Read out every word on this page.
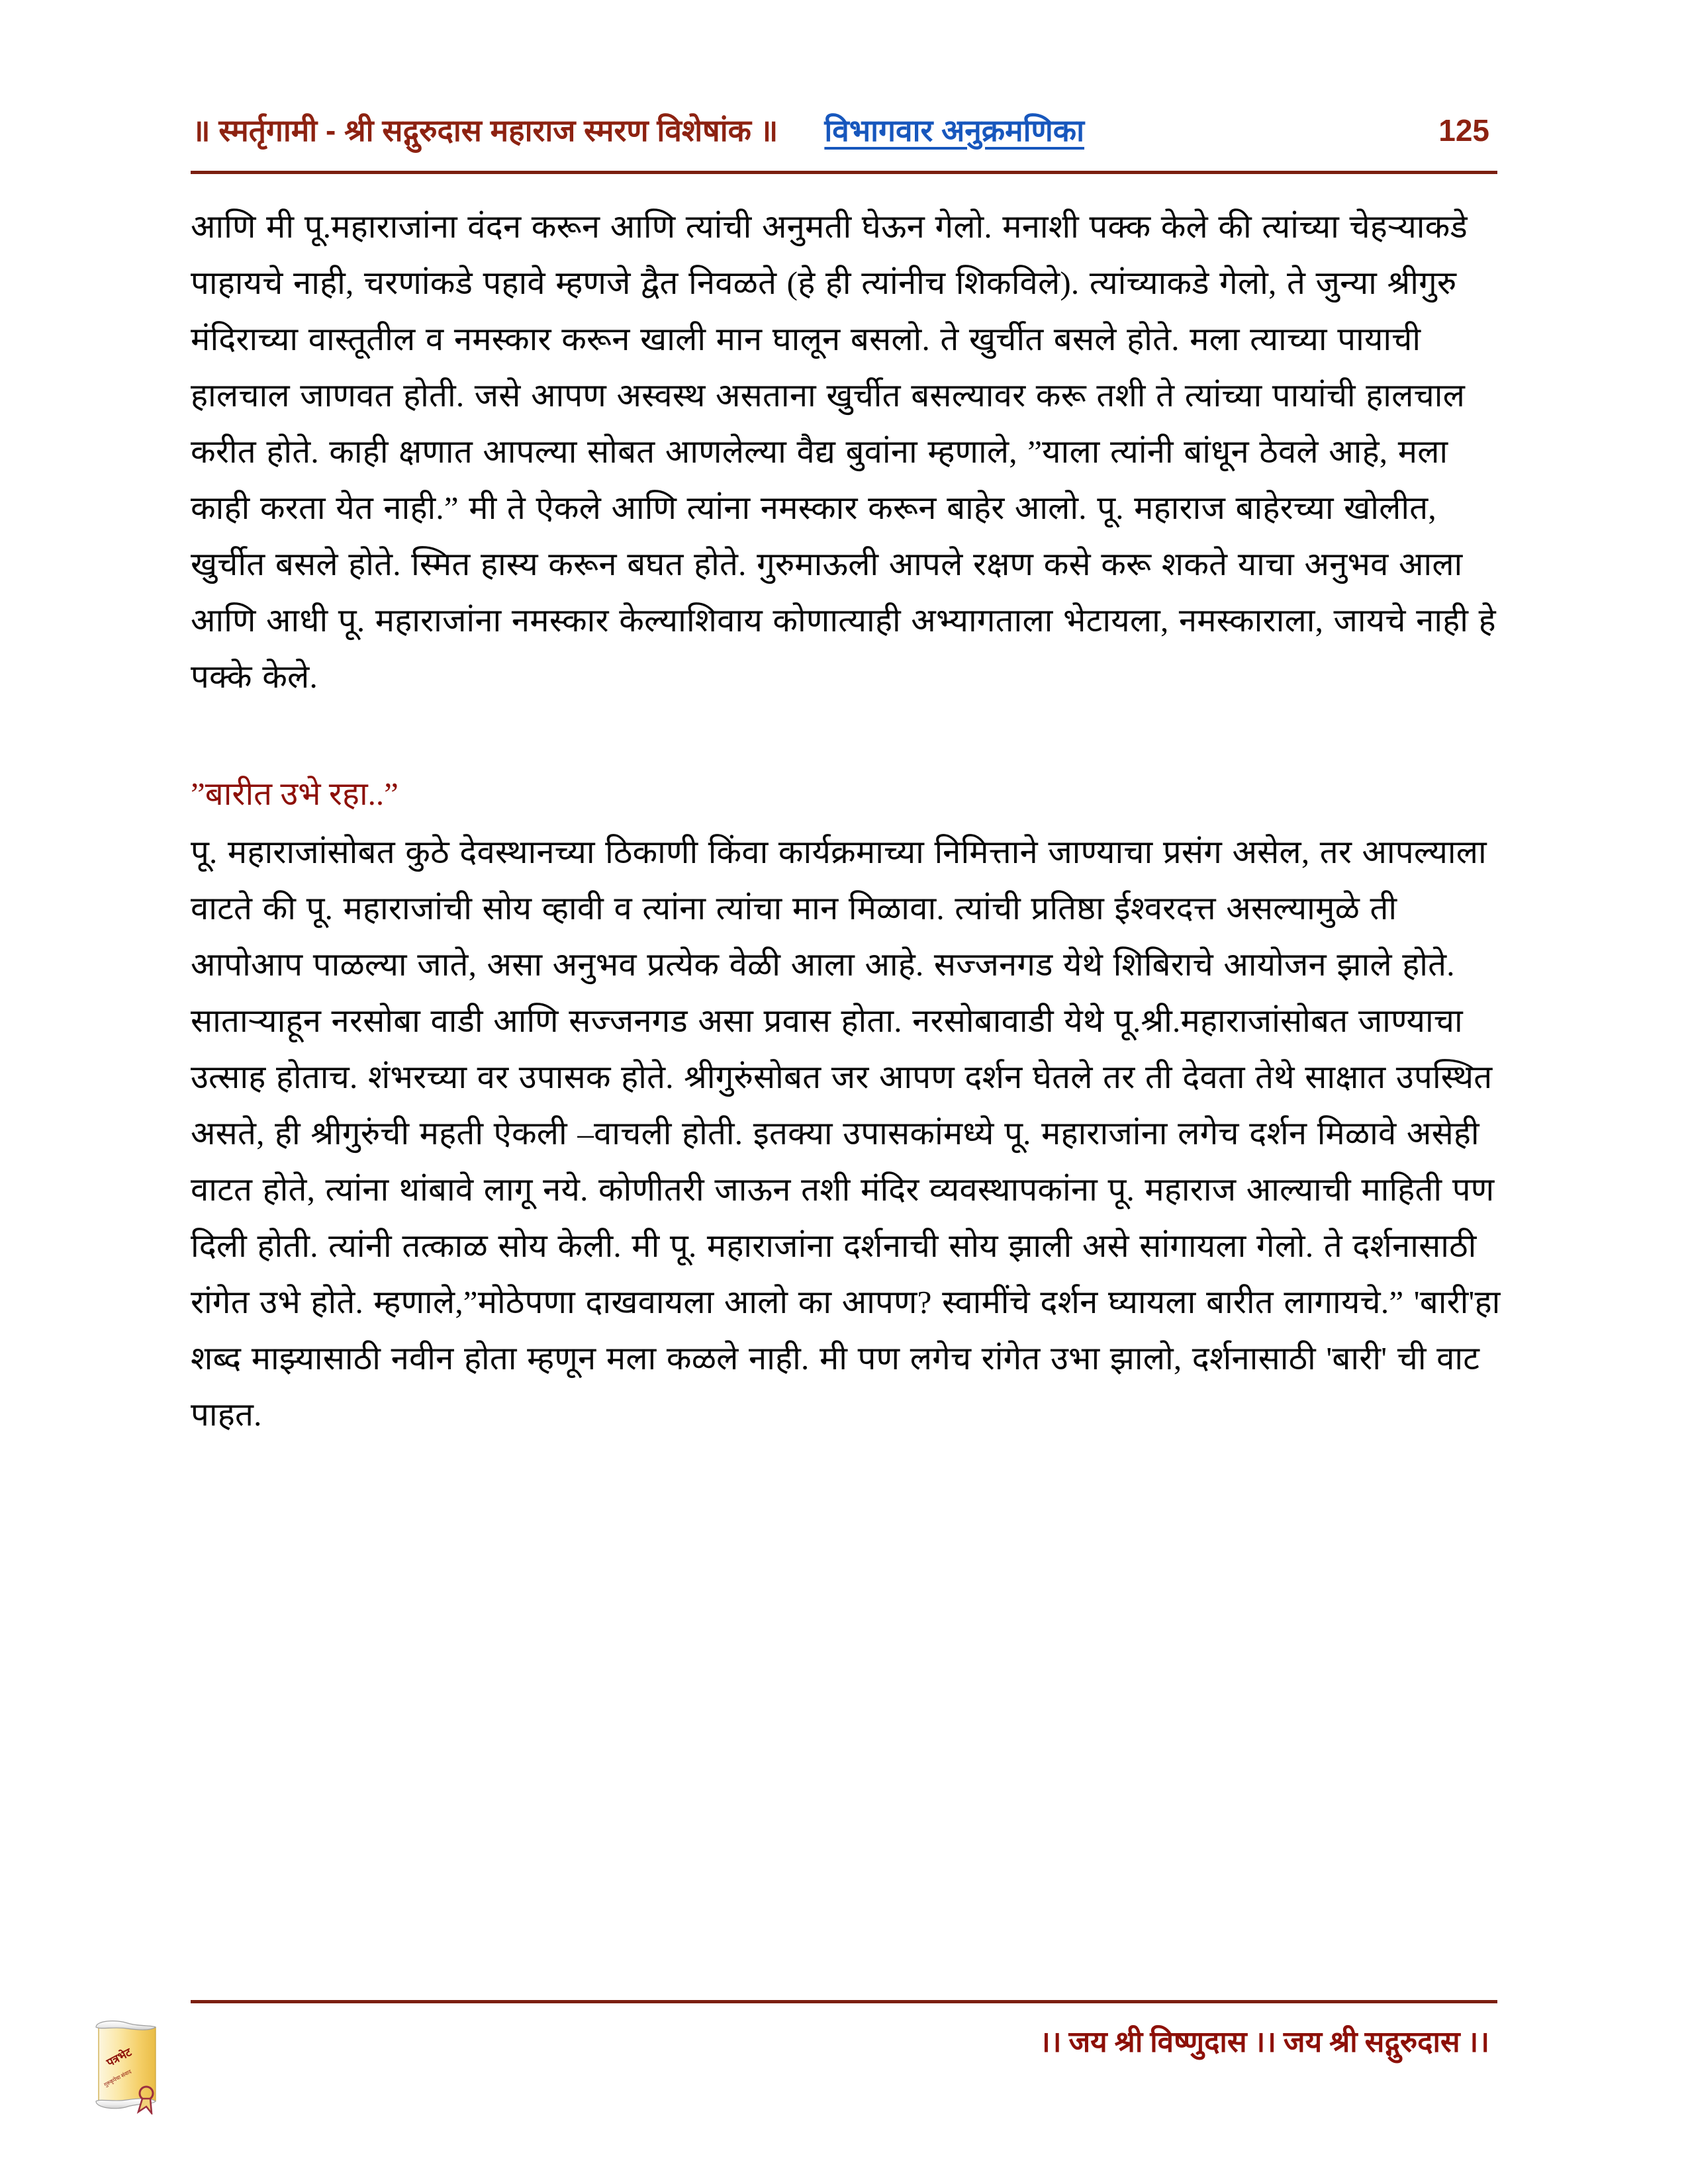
॥ स्मर्तृगामी - श्री सद्गुरुदास महाराज स्मरण विशेषांक ॥ विभागवार अनुक्रमणिका	125

आणि मी पू.महाराजांना वंदन करून आणि त्यांची अनुमती घेऊन गेलो. मनाशी पक्क केले की त्यांच्या चेहऱ्याकडे पाहायचे नाही, चरणांकडे पहावे म्हणजे द्वैत निवळते (हे ही त्यांनीच शिकविले). त्यांच्याकडे गेलो, ते जुन्या श्रीगुरु मंदिराच्या वास्तूतील व नमस्कार करून खाली मान घालून बसलो. ते खुर्चीत बसले होते. मला त्याच्या पायाची हालचाल जाणवत होती. जसे आपण अस्वस्थ असताना खुर्चीत बसल्यावर करू तशी ते त्यांच्या पायांची हालचाल करीत होते. काही क्षणात आपल्या सोबत आणलेल्या वैद्य बुवांना म्हणाले, ”याला त्यांनी बांधून ठेवले आहे, मला काही करता येत नाही.” मी ते ऐकले आणि त्यांना नमस्कार करून बाहेर आलो. पू. महाराज बाहेरच्या खोलीत, खुर्चीत बसले होते. स्मित हास्य करून बघत होते. गुरुमाऊली आपले रक्षण कसे करू शकते याचा अनुभव आला आणि आधी पू. महाराजांना नमस्कार केल्याशिवाय कोणात्याही अभ्यागताला भेटायला, नमस्काराला, जायचे नाही हे पक्के केले.

”बारीत उभे रहा..”

पू. महाराजांसोबत कुठे देवस्थानच्या ठिकाणी किंवा कार्यक्रमाच्या निमित्ताने जाण्याचा प्रसंग असेल, तर आपल्याला वाटते की पू. महाराजांची सोय व्हावी व त्यांना त्यांचा मान मिळावा. त्यांची प्रतिष्ठा ईश्वरदत्त असल्यामुळे ती आपोआप पाळल्या जाते, असा अनुभव प्रत्येक वेळी आला आहे. सज्जनगड येथे शिबिराचे आयोजन झाले होते. साताऱ्याहून नरसोबा वाडी आणि सज्जनगड असा प्रवास होता. नरसोबावाडी येथे पू.श्री.महाराजांसोबत जाण्याचा उत्साह होताच. शंभरच्या वर उपासक होते. श्रीगुरुंसोबत जर आपण दर्शन घेतले तर ती देवता तेथे साक्षात उपस्थित असते, ही श्रीगुरुंची महती ऐकली –वाचली होती. इतक्या उपासकांमध्ये पू. महाराजांना लगेच दर्शन मिळावे असेही वाटत होते, त्यांना थांबावे लागू नये. कोणीतरी जाऊन तशी मंदिर व्यवस्थापकांना पू. महाराज आल्याची माहिती पण दिली होती. त्यांनी तत्काळ सोय केली. मी पू. महाराजांना दर्शनाची सोय झाली असे सांगायला गेलो. ते दर्शनासाठी रांगेत उभे होते. म्हणाले,”मोठेपणा दाखवायला आलो का आपण? स्वामींचे दर्शन घ्यायला बारीत लागायचे.” 'बारी'हा शब्द माझ्यासाठी नवीन होता म्हणून मला कळले नाही. मी पण लगेच रांगेत उभा झालो, दर्शनासाठी 'बारी' ची वाट पाहत.

पत्रभेट
गुरुकृपेचा संवाद
।। जय श्री विष्णुदास ।। जय श्री सद्गुरुदास ।।
